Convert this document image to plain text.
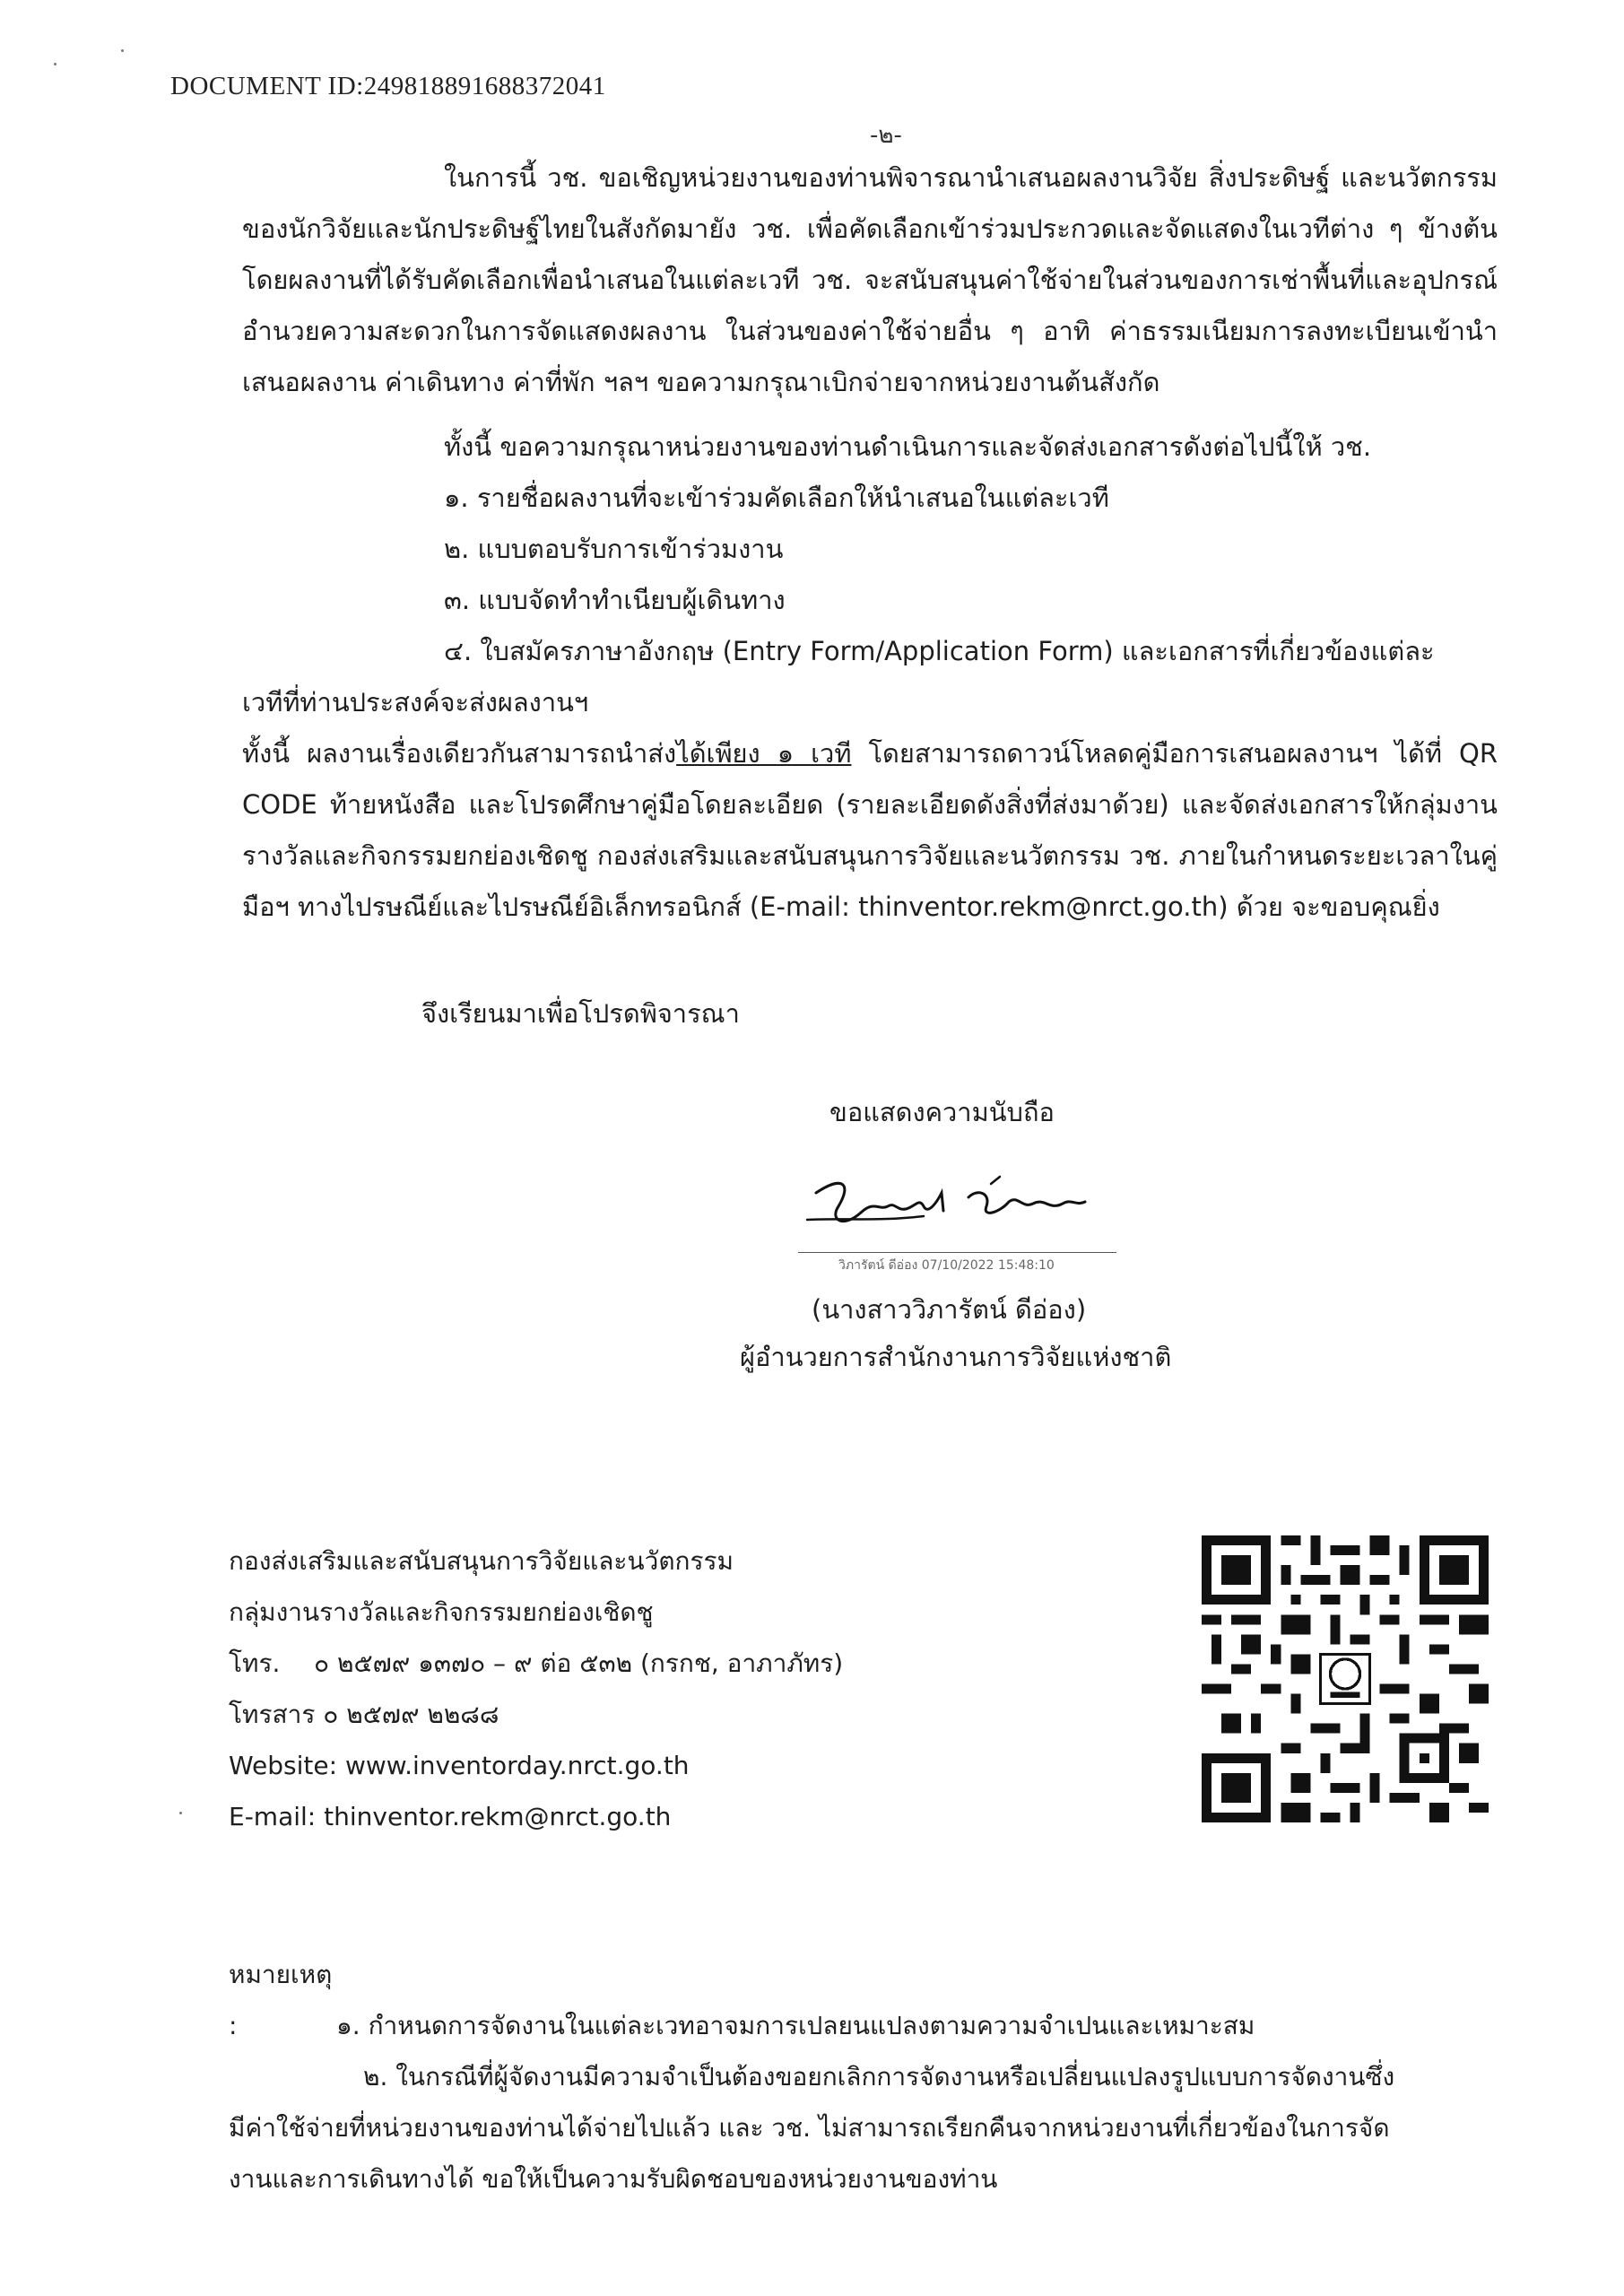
DOCUMENT ID:249818891688372041
-๒-

ในการนี้ วช. ขอเชิญหน่วยงานของท่านพิจารณานำเสนอผลงานวิจัย สิ่งประดิษฐ์ และนวัตกรรมของนักวิจัยและนักประดิษฐ์ไทยในสังกัดมายัง วช. เพื่อคัดเลือกเข้าร่วมประกวดและจัดแสดงในเวทีต่าง ๆ ข้างต้น โดยผลงานที่ได้รับคัดเลือกเพื่อนำเสนอในแต่ละเวที วช. จะสนับสนุนค่าใช้จ่ายในส่วนของการเช่าพื้นที่และอุปกรณ์อำนวยความสะดวกในการจัดแสดงผลงาน ในส่วนของค่าใช้จ่ายอื่น ๆ อาทิ ค่าธรรมเนียมการลงทะเบียนเข้านำเสนอผลงาน ค่าเดินทาง ค่าที่พัก ฯลฯ ขอความกรุณาเบิกจ่ายจากหน่วยงานต้นสังกัด

ทั้งนี้ ขอความกรุณาหน่วยงานของท่านดำเนินการและจัดส่งเอกสารดังต่อไปนี้ให้ วช.

๑. รายชื่อผลงานที่จะเข้าร่วมคัดเลือกให้นำเสนอในแต่ละเวที
๒. แบบตอบรับการเข้าร่วมงาน
๓. แบบจัดทำทำเนียบผู้เดินทาง
๔. ใบสมัครภาษาอังกฤษ (Entry Form/Application Form) และเอกสารที่เกี่ยวข้องแต่ละ
เวทีที่ท่านประสงค์จะส่งผลงานฯ

ทั้งนี้ ผลงานเรื่องเดียวกันสามารถนำส่งได้เพียง ๑ เวที โดยสามารถดาวน์โหลดคู่มือการเสนอผลงานฯ ได้ที่ QR CODE ท้ายหนังสือ และโปรดศึกษาคู่มือโดยละเอียด (รายละเอียดดังสิ่งที่ส่งมาด้วย) และจัดส่งเอกสารให้กลุ่มงานรางวัลและกิจกรรมยกย่องเชิดชู กองส่งเสริมและสนับสนุนการวิจัยและนวัตกรรม วช. ภายในกำหนดระยะเวลาในคู่มือฯ ทางไปรษณีย์และไปรษณีย์อิเล็กทรอนิกส์ (E-mail: thinventor.rekm@nrct.go.th) ด้วย จะขอบคุณยิ่ง

จึงเรียนมาเพื่อโปรดพิจารณา
ขอแสดงความนับถือ
วิภารัตน์ ดีอ่อง 07/10/2022 15:48:10
(นางสาววิภารัตน์ ดีอ่อง)
ผู้อำนวยการสำนักงานการวิจัยแห่งชาติ
กองส่งเสริมและสนับสนุนการวิจัยและนวัตกรรม
กลุ่มงานรางวัลและกิจกรรมยกย่องเชิดชู
โทร. ๐ ๒๕๗๙ ๑๓๗๐ – ๙ ต่อ ๕๓๒ (กรกช, อาภาภัทร)
โทรสาร ๐ ๒๕๗๙ ๒๒๘๘
Website: www.inventorday.nrct.go.th
E-mail: thinventor.rekm@nrct.go.th

หมายเหตุ :	๑. กำหนดการจัดงานในแต่ละเวทอาจมการเปลยนแปลงตามความจำเปนและเหมาะสม

๒. ในกรณีที่ผู้จัดงานมีความจำเป็นต้องขอยกเลิกการจัดงานหรือเปลี่ยนแปลงรูปแบบการจัดงานซึ่ง

มีค่าใช้จ่ายที่หน่วยงานของท่านได้จ่ายไปแล้ว และ วช. ไม่สามารถเรียกคืนจากหน่วยงานที่เกี่ยวข้องในการจัด

งานและการเดินทางได้ ขอให้เป็นความรับผิดชอบของหน่วยงานของท่าน
